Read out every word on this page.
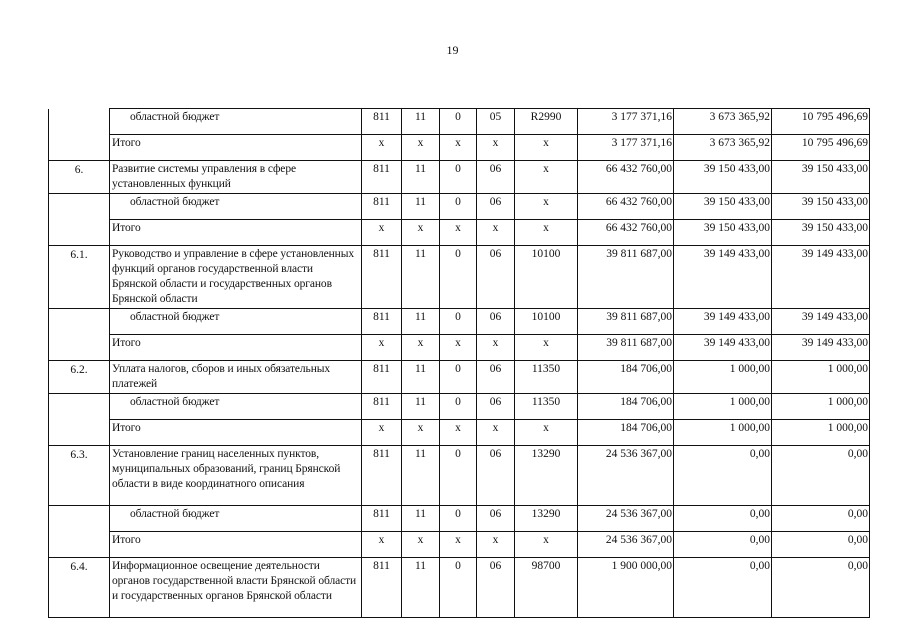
19
	областной бюджет	811	11	0	05	R2990	3 177 371,16	3 673 365,92	10 795 496,69
	Итого	х	х	х	х	х	3 177 371,16	3 673 365,92	10 795 496,69
6.	Развитие системы управления в сфере установленных функций	811	11	0	06	х	66 432 760,00	39 150 433,00	39 150 433,00
	областной бюджет	811	11	0	06	х	66 432 760,00	39 150 433,00	39 150 433,00
	Итого	х	х	х	х	х	66 432 760,00	39 150 433,00	39 150 433,00
6.1.	Руководство и управление в сфере установленных функций органов государственной власти Брянской области и государственных органов Брянской области	811	11	0	06	10100	39 811 687,00	39 149 433,00	39 149 433,00
	областной бюджет	811	11	0	06	10100	39 811 687,00	39 149 433,00	39 149 433,00
	Итого	х	х	х	х	х	39 811 687,00	39 149 433,00	39 149 433,00
6.2.	Уплата налогов, сборов и иных обязательных платежей	811	11	0	06	11350	184 706,00	1 000,00	1 000,00
	областной бюджет	811	11	0	06	11350	184 706,00	1 000,00	1 000,00
	Итого	х	х	х	х	х	184 706,00	1 000,00	1 000,00
6.3.	Установление границ населенных пунктов, муниципальных образований, границ Брянской области в виде координатного описания	811	11	0	06	13290	24 536 367,00	0,00	0,00
	областной бюджет	811	11	0	06	13290	24 536 367,00	0,00	0,00
	Итого	х	х	х	х	х	24 536 367,00	0,00	0,00
6.4.	Информационное освещение деятельности органов государственной власти Брянской области и государственных органов Брянской области	811	11	0	06	98700	1 900 000,00	0,00	0,00
